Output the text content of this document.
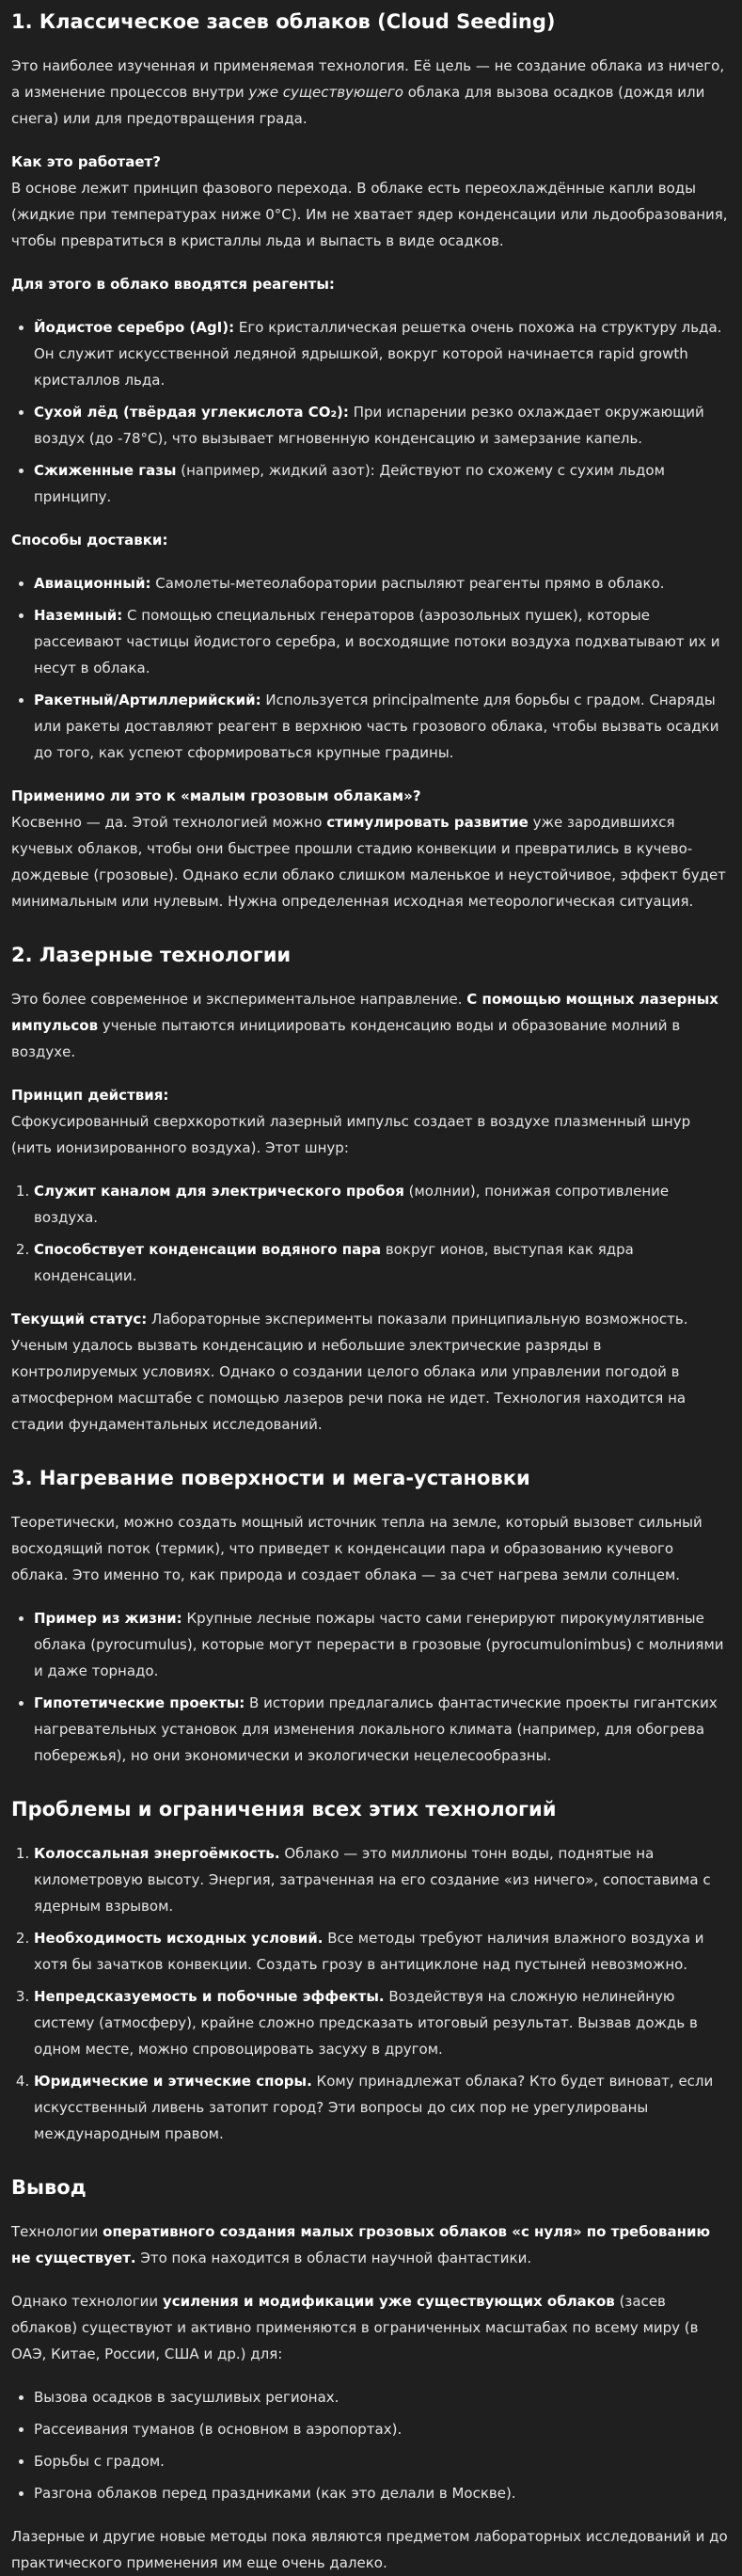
1. Классическое засев облаков (Cloud Seeding)

Это наиболее изученная и применяемая технология. Её цель — не создание облака из ничего, а изменение процессов внутри уже существующего облака для вызова осадков (дождя или снега) или для предотвращения града.

Как это работает?

В основе лежит принцип фазового перехода. В облаке есть переохлаждённые капли воды (жидкие при температурах ниже 0°C). Им не хватает ядер конденсации или льдообразования, чтобы превратиться в кристаллы льда и выпасть в виде осадков.

Для этого в облако вводятся реагенты:

• Йодистое серебро (AgI): Его кристаллическая решетка очень похожа на структуру льда. Он служит искусственной ледяной ядрышкой, вокруг которой начинается rapid growth кристаллов льда.
• Сухой лёд (твёрдая углекислота CO₂): При испарении резко охлаждает окружающий воздух (до -78°C), что вызывает мгновенную конденсацию и замерзание капель.
• Сжиженные газы (например, жидкий азот): Действуют по схожему с сухим льдом принципу.

Способы доставки:

• Авиационный: Самолеты-метеолаборатории распыляют реагенты прямо в облако.
• Наземный: С помощью специальных генераторов (аэрозольных пушек), которые рассеивают частицы йодистого серебра, и восходящие потоки воздуха подхватывают их и несут в облака.
• Ракетный/Артиллерийский: Используется principalmente для борьбы с градом. Снаряды или ракеты доставляют реагент в верхнюю часть грозового облака, чтобы вызвать осадки до того, как успеют сформироваться крупные градины.

Применимо ли это к «малым грозовым облакам»?

Косвенно — да. Этой технологией можно стимулировать развитие уже зародившихся кучевых облаков, чтобы они быстрее прошли стадию конвекции и превратились в кучево-дождевые (грозовые). Однако если облако слишком маленькое и неустойчивое, эффект будет минимальным или нулевым. Нужна определенная исходная метеорологическая ситуация.

2. Лазерные технологии

Это более современное и экспериментальное направление. С помощью мощных лазерных импульсов ученые пытаются инициировать конденсацию воды и образование молний в воздухе.

Принцип действия:

Сфокусированный сверхкороткий лазерный импульс создает в воздухе плазменный шнур (нить ионизированного воздуха). Этот шнур:

1. Служит каналом для электрического пробоя (молнии), понижая сопротивление воздуха.
2. Способствует конденсации водяного пара вокруг ионов, выступая как ядра конденсации.

Текущий статус: Лабораторные эксперименты показали принципиальную возможность. Ученым удалось вызвать конденсацию и небольшие электрические разряды в контролируемых условиях. Однако о создании целого облака или управлении погодой в атмосферном масштабе с помощью лазеров речи пока не идет. Технология находится на стадии фундаментальных исследований.

3. Нагревание поверхности и мега-установки

Теоретически, можно создать мощный источник тепла на земле, который вызовет сильный восходящий поток (термик), что приведет к конденсации пара и образованию кучевого облака. Это именно то, как природа и создает облака — за счет нагрева земли солнцем.

• Пример из жизни: Крупные лесные пожары часто сами генерируют пирокумулятивные облака (pyrocumulus), которые могут перерасти в грозовые (pyrocumulonimbus) с молниями и даже торнадо.
• Гипотетические проекты: В истории предлагались фантастические проекты гигантских нагревательных установок для изменения локального климата (например, для обогрева побережья), но они экономически и экологически нецелесообразны.
Проблемы и ограничения всех этих технологий
1. Колоссальная энергоёмкость. Облако — это миллионы тонн воды, поднятые на километровую высоту. Энергия, затраченная на его создание «из ничего», сопоставима с ядерным взрывом.
2. Необходимость исходных условий. Все методы требуют наличия влажного воздуха и хотя бы зачатков конвекции. Создать грозу в антициклоне над пустыней невозможно.
3. Непредсказуемость и побочные эффекты. Воздействуя на сложную нелинейную систему (атмосферу), крайне сложно предсказать итоговый результат. Вызвав дождь в одном месте, можно спровоцировать засуху в другом.
4. Юридические и этические споры. Кому принадлежат облака? Кто будет виноват, если искусственный ливень затопит город? Эти вопросы до сих пор не урегулированы международным правом.
Вывод

Технологии оперативного создания малых грозовых облаков «с нуля» по требованию не существует. Это пока находится в области научной фантастики.

Однако технологии усиления и модификации уже существующих облаков (засев облаков) существуют и активно применяются в ограниченных масштабах по всему миру (в ОАЭ, Китае, России, США и др.) для:

• Вызова осадков в засушливых регионах.
• Рассеивания туманов (в основном в аэропортах).
• Борьбы с градом.
• Разгона облаков перед праздниками (как это делали в Москве).

Лазерные и другие новые методы пока являются предметом лабораторных исследований и до практического применения им еще очень далеко.
